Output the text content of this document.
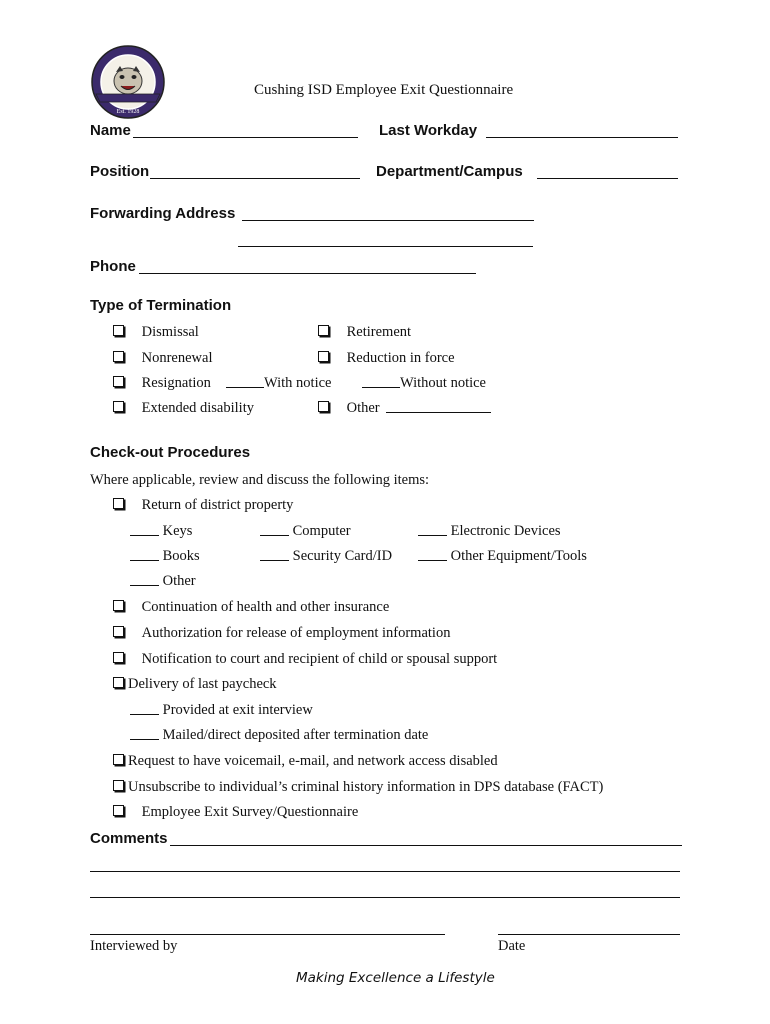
Est. 1928
Cushing ISD Employee Exit Questionnaire
Name	Last Workday
Position	Department/Campus
Forwarding Address
Phone
Type of Termination
Dismissal	Retirement
Nonrenewal	Reduction in force
Resignation	With notice	Without notice
Extended disability	Other
Check-out Procedures
Where applicable, review and discuss the following items:
Return of district property
Keys	Computer	Electronic Devices
Books	Security Card/ID	Other Equipment/Tools
Other
Continuation of health and other insurance
Authorization for release of employment information
Notification to court and recipient of child or spousal support
Delivery of last paycheck
Provided at exit interview
Mailed/direct deposited after termination date
Request to have voicemail, e-mail, and network access disabled
Unsubscribe to individual’s criminal history information in DPS database (FACT)
Employee Exit Survey/Questionnaire
Comments
Interviewed by	Date
Making Excellence a Lifestyle
